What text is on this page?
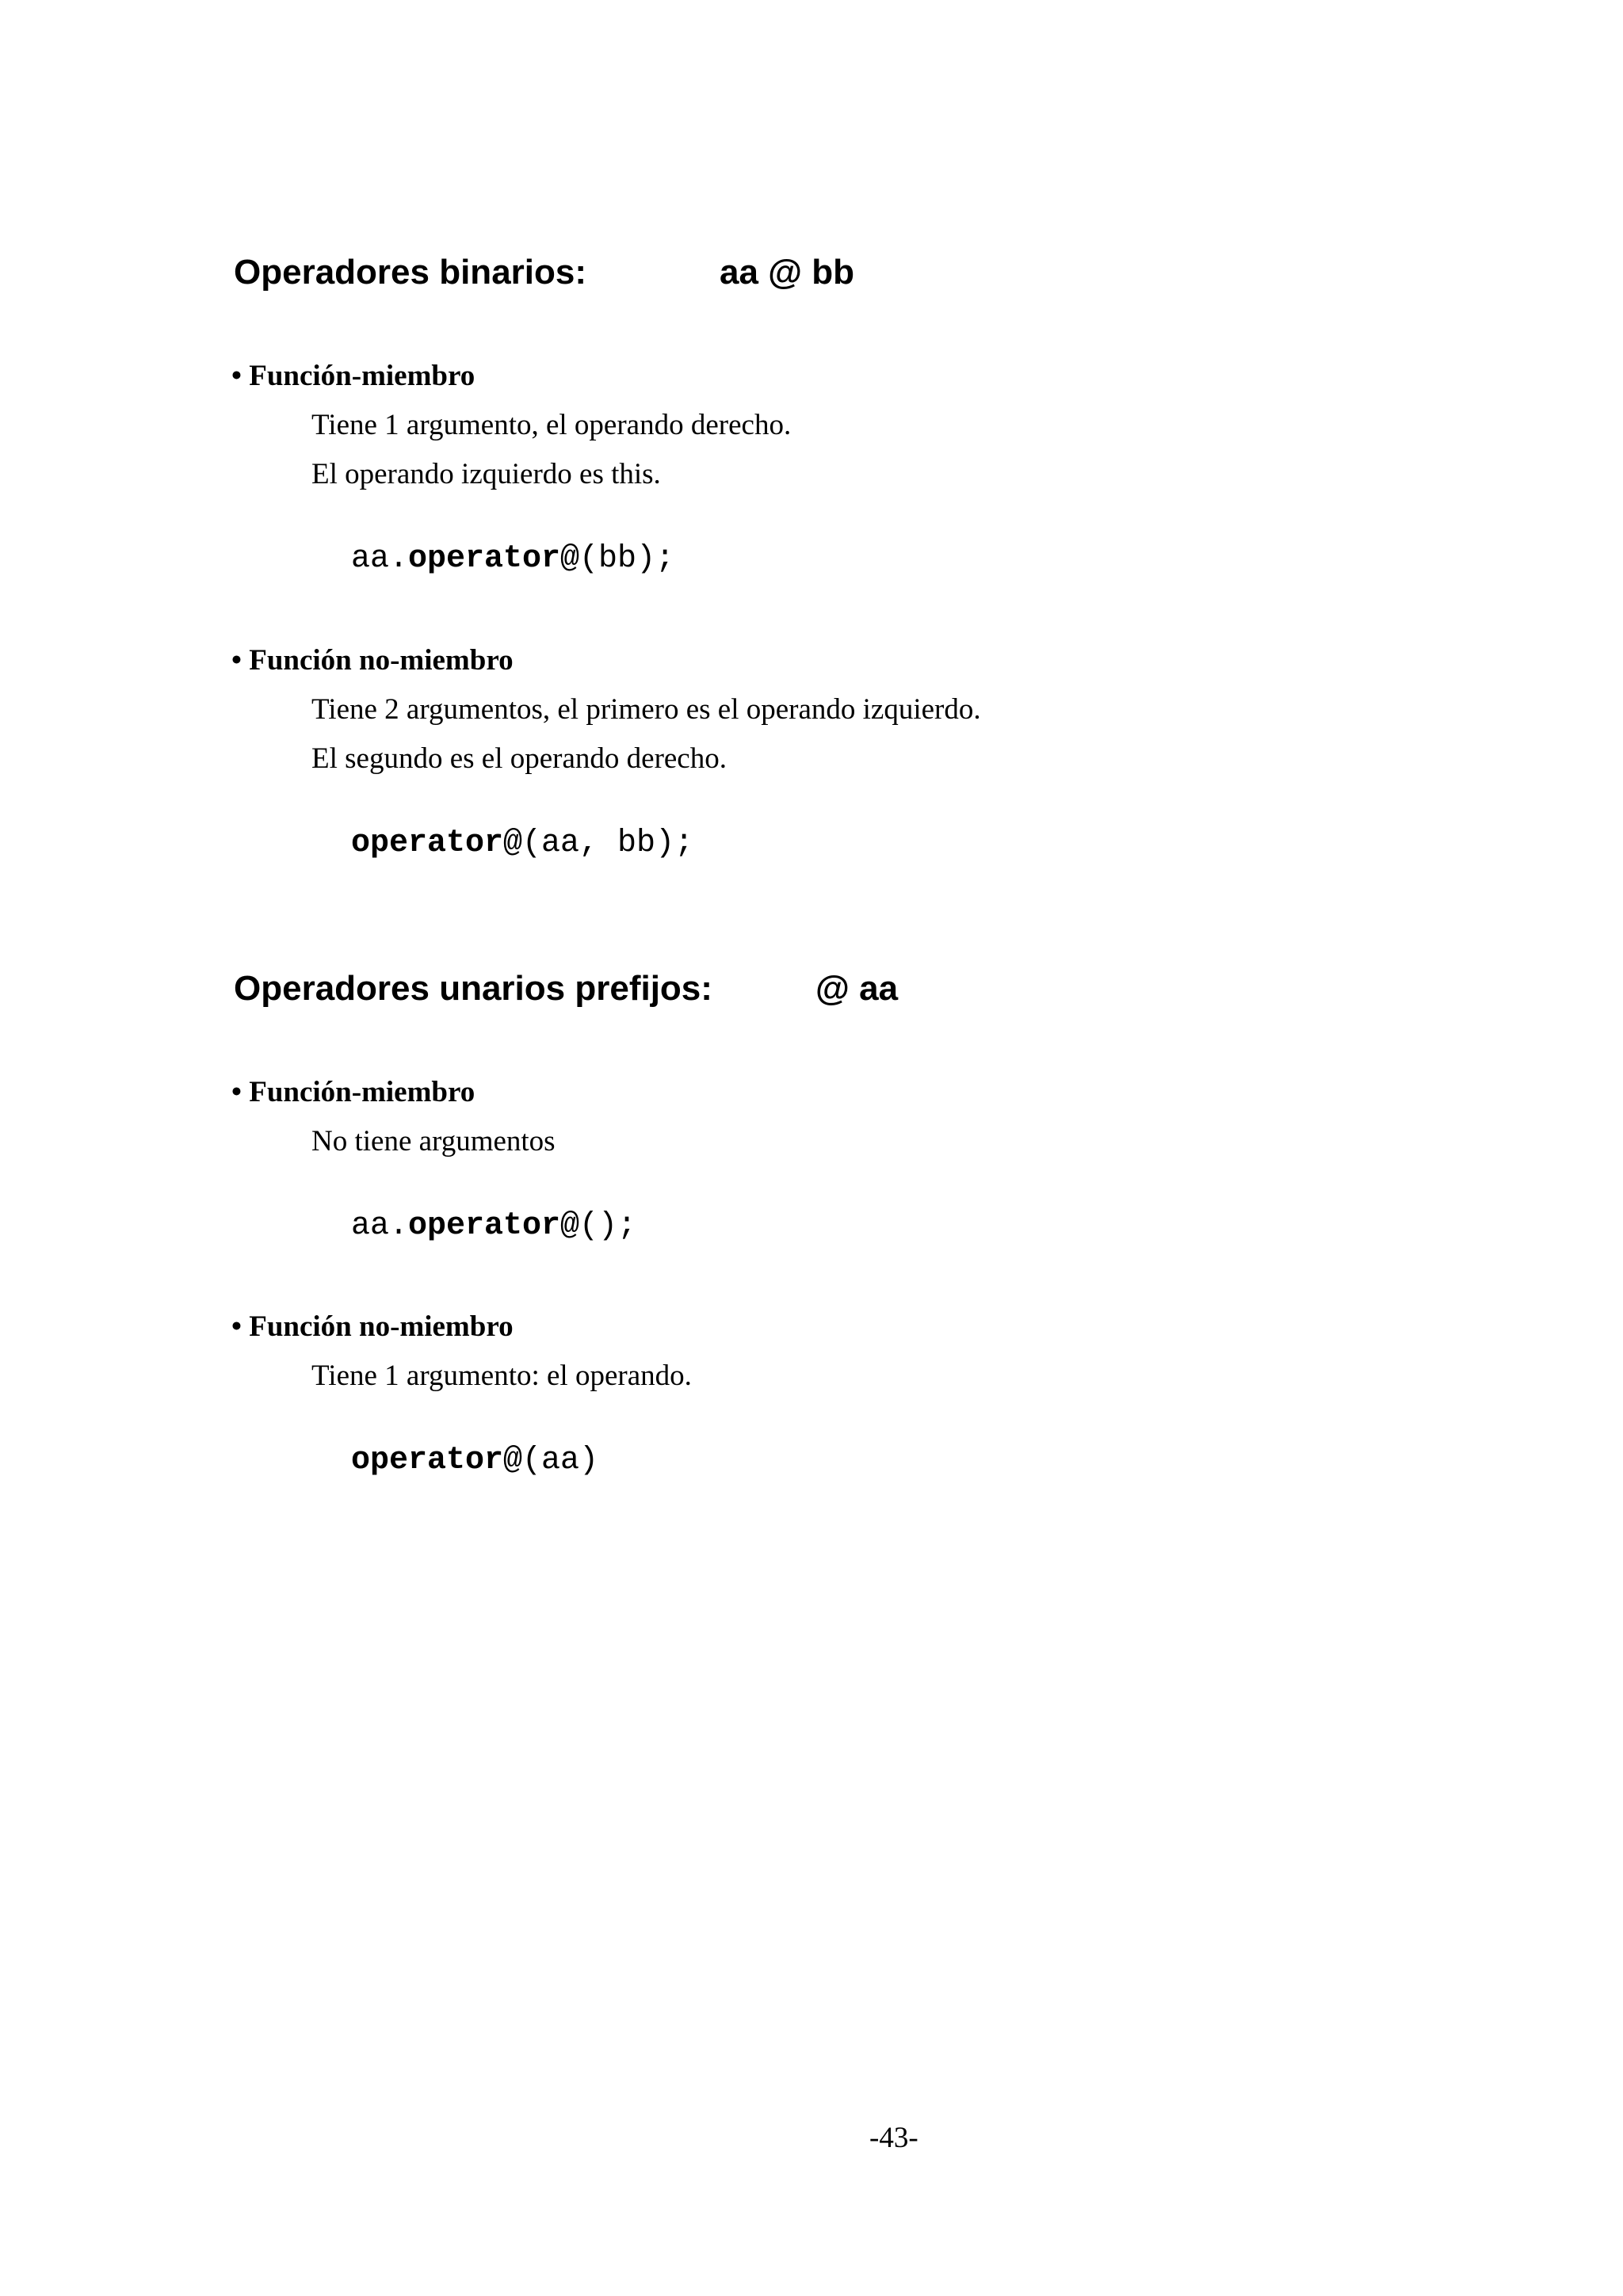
Operadores binarios:	aa @ bb
• Función-miembro
Tiene 1 argumento, el operando derecho.
El operando izquierdo es this.
aa.operator@(bb);
• Función no-miembro
Tiene 2 argumentos, el primero es el operando izquierdo.
El segundo es el operando derecho.
operator@(aa, bb);
Operadores unarios prefijos:	@ aa
• Función-miembro
No tiene argumentos
aa.operator@();
• Función no-miembro
Tiene 1 argumento: el operando.
operator@(aa)
-43-
